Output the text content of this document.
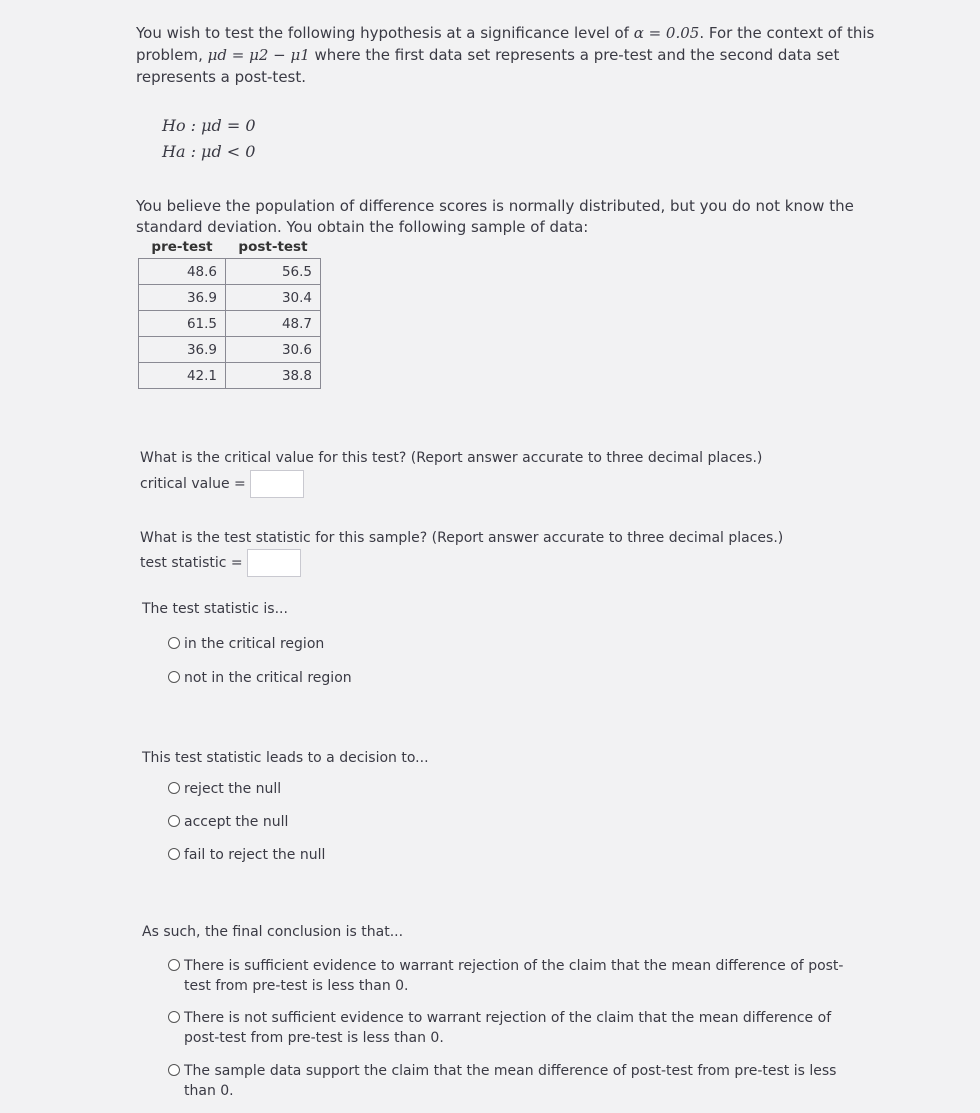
You wish to test the following hypothesis at a significance level of α = 0.05. For the context of this problem, μd = μ2 − μ1 where the first data set represents a pre-test and the second data set represents a post-test.
Ho : μd = 0
Ha : μd < 0
You believe the population of difference scores is normally distributed, but you do not know the standard deviation. You obtain the following sample of data:
pre-test	post-test
48.6	56.5
36.9	30.4
61.5	48.7
36.9	30.6
42.1	38.8
What is the critical value for this test? (Report answer accurate to three decimal places.)
critical value =
What is the test statistic for this sample? (Report answer accurate to three decimal places.)
test statistic =
The test statistic is...
in the critical region
not in the critical region
This test statistic leads to a decision to...
reject the null
accept the null
fail to reject the null
As such, the final conclusion is that...
There is sufficient evidence to warrant rejection of the claim that the mean difference of post-test from pre-test is less than 0.
There is not sufficient evidence to warrant rejection of the claim that the mean difference of post-test from pre-test is less than 0.
The sample data support the claim that the mean difference of post-test from pre-test is less than 0.
